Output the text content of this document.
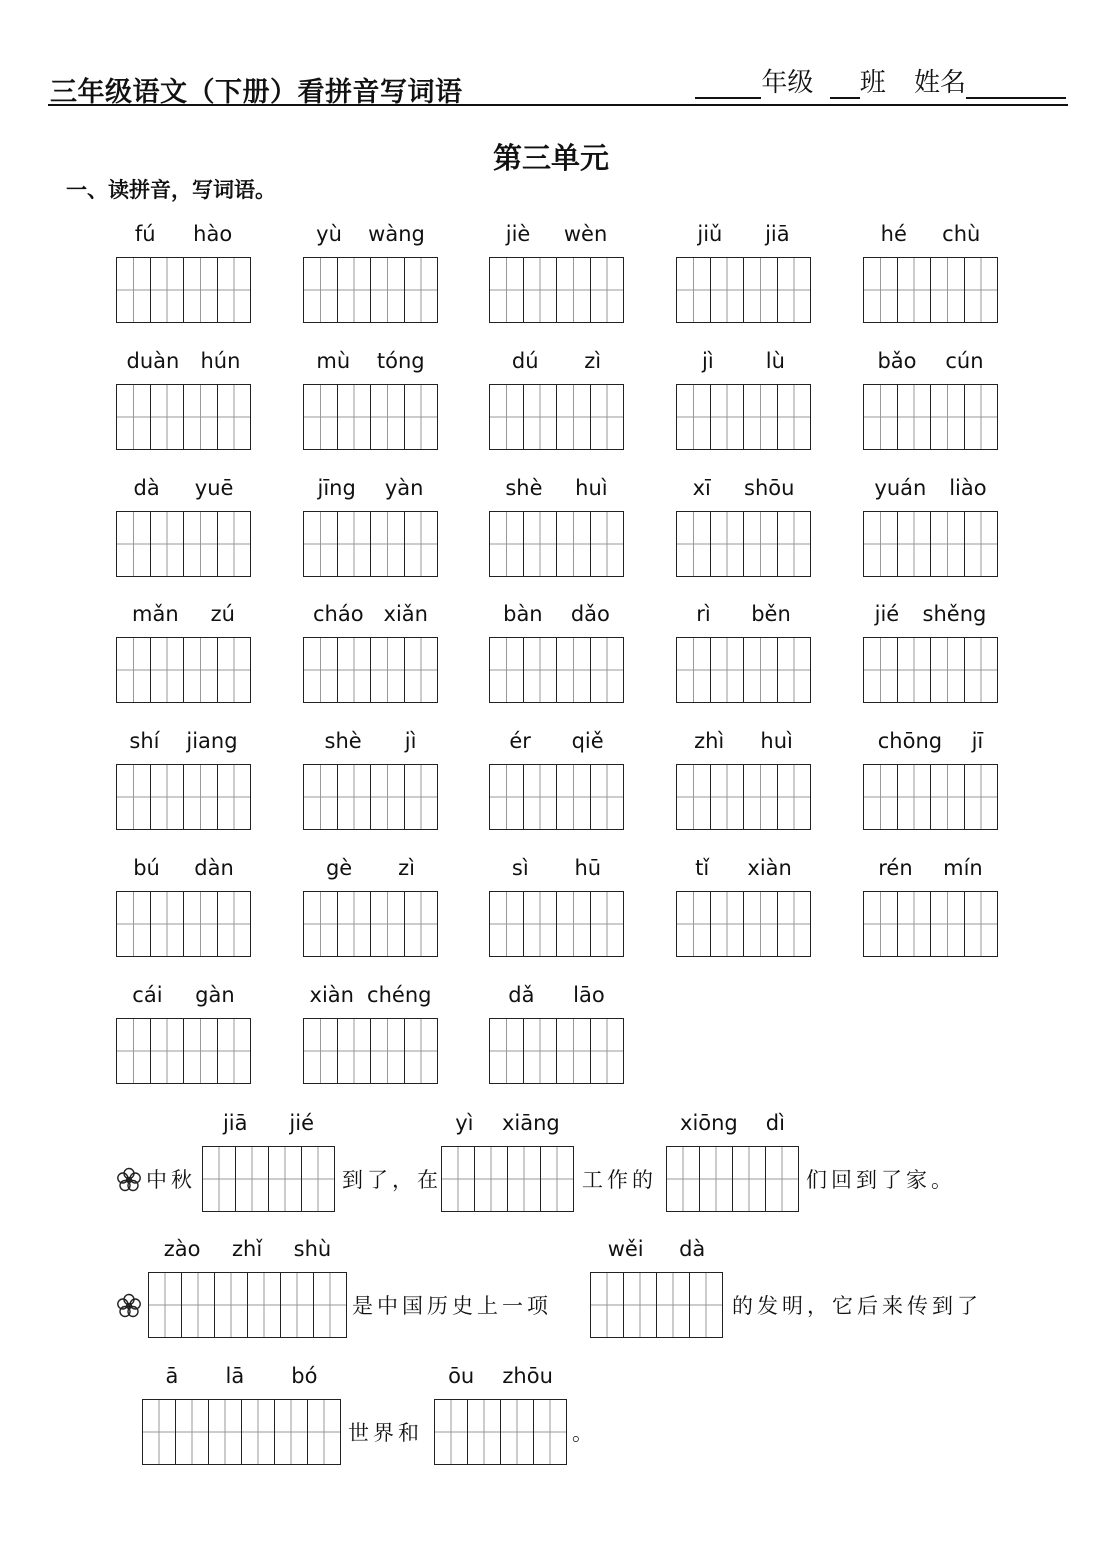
三年级语文（下册）看拼音写词语	年级 班 姓名
第三单元
一、读拼音，写词语。
fú hào	yù wàng	jiè wèn	jiǔ jiā	hé chù
duàn hún	mù tóng	dú zì	jì lù	bǎo cún
dà yuē	jīng yàn	shè huì	xī shōu	yuán liào
mǎn zú	cháo xiǎn	bàn dǎo	rì běn	jié shěng
shí jiang	shè jì	ér qiě	zhì huì	chōng jī
bú dàn	gè zì	sì hū	tǐ xiàn	rén mín
cái gàn	xiàn chéng	dǎ lāo
中秋
jiā jié
到了，在
yì xiāng
工作的
xiōng dì
们回到了家。
zào zhǐ shù
是中国历史上一项
wěi dà
的发明，它后来传到了
ā lā bó
世界和
ōu zhōu
。
